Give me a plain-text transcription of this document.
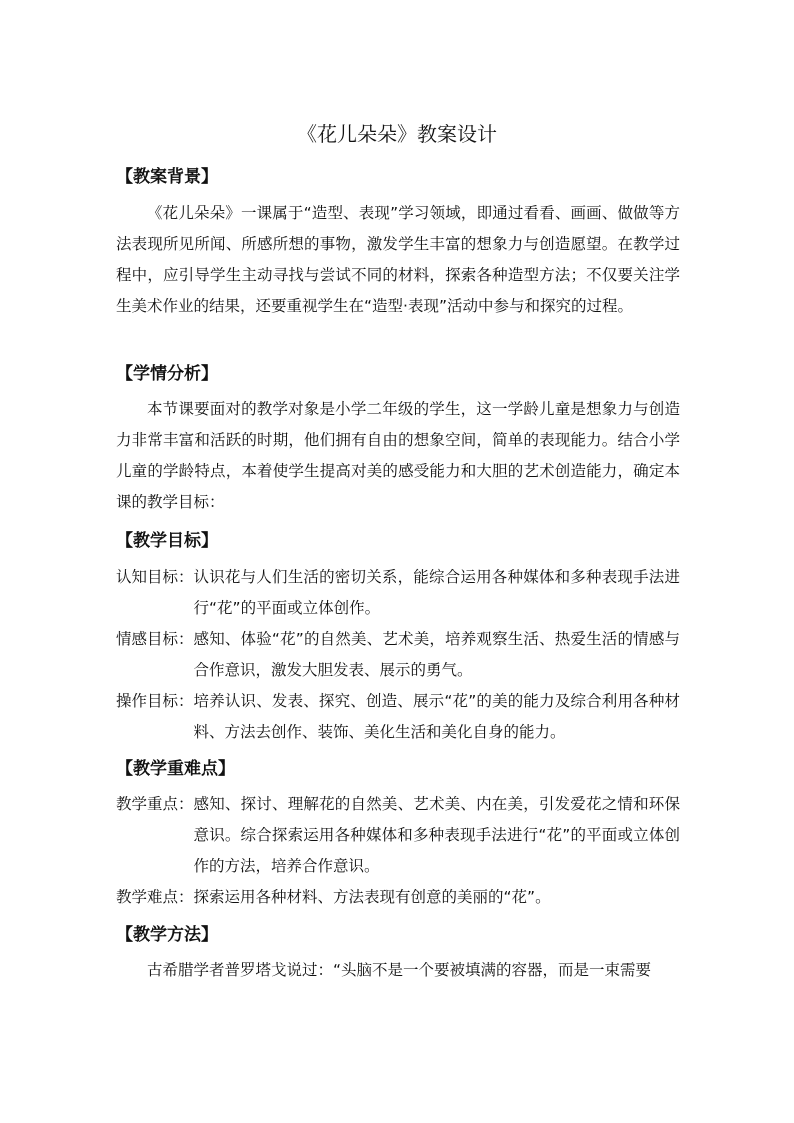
《花儿朵朵》教案设计
【教案背景】

《花儿朵朵》一课属于“造型、表现”学习领域，即通过看看、画画、做做等方法表现所见所闻、所感所想的事物，激发学生丰富的想象力与创造愿望。在教学过程中，应引导学生主动寻找与尝试不同的材料，探索各种造型方法；不仅要关注学生美术作业的结果，还要重视学生在“造型·表现”活动中参与和探究的过程。

【学情分析】

本节课要面对的教学对象是小学二年级的学生，这一学龄儿童是想象力与创造力非常丰富和活跃的时期，他们拥有自由的想象空间，简单的表现能力。结合小学儿童的学龄特点，本着使学生提高对美的感受能力和大胆的艺术创造能力，确定本课的教学目标：

【教学目标】
认知目标： 认识花与人们生活的密切关系，能综合运用各种媒体和多种表现手法进行“花”的平面或立体创作。
情感目标： 感知、体验“花”的自然美、艺术美，培养观察生活、热爱生活的情感与合作意识，激发大胆发表、展示的勇气。
操作目标： 培养认识、发表、探究、创造、展示“花”的美的能力及综合利用各种材料、方法去创作、装饰、美化生活和美化自身的能力。
【教学重难点】
教学重点： 感知、探讨、理解花的自然美、艺术美、内在美，引发爱花之情和环保意识。综合探索运用各种媒体和多种表现手法进行“花”的平面或立体创作的方法，培养合作意识。
教学难点： 探索运用各种材料、方法表现有创意的美丽的“花”。
【教学方法】

古希腊学者普罗塔戈说过：“头脑不是一个要被填满的容器，而是一束需要
